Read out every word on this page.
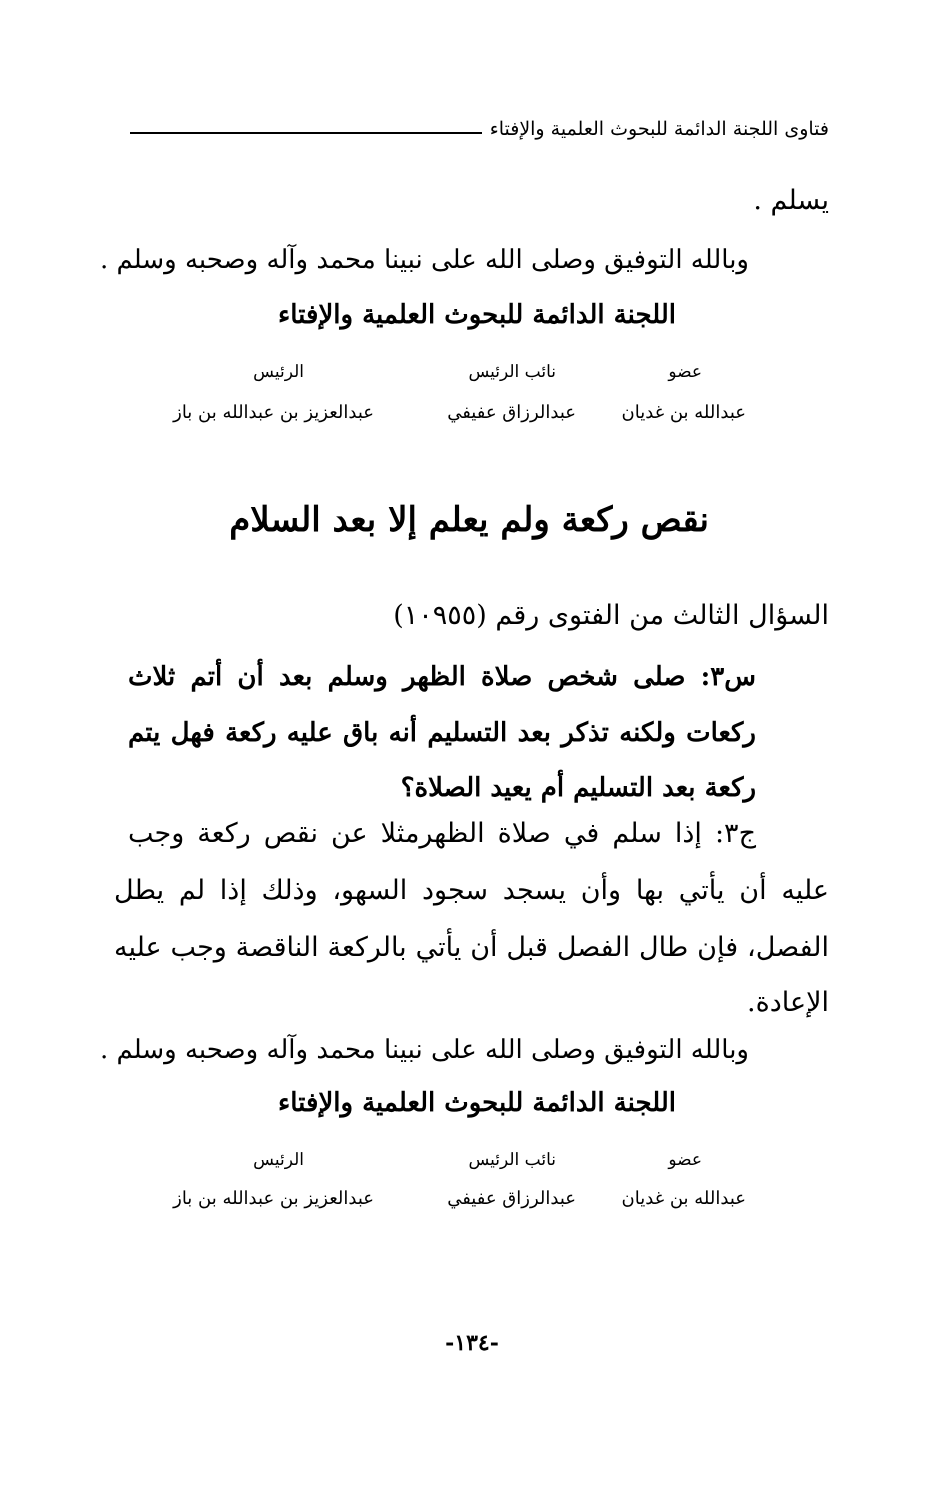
فتاوى اللجنة الدائمة للبحوث العلمية والإفتاء
يسلم .
وبالله التوفيق وصلى الله على نبينا محمد وآله وصحبه وسلم .
اللجنة الدائمة للبحوث العلمية والإفتاء
عضو
نائب الرئيس
الرئيس
عبدالله بن غديان
عبدالرزاق عفيفي
عبدالعزيز بن عبدالله بن باز
نقص ركعة ولم يعلم إلا بعد السلام
السؤال الثالث من الفتوى رقم (١٠٩٥٥)
س٣: صلى شخص صلاة الظهر وسلم بعد أن أتم ثلاث
ركعات ولكنه تذكر بعد التسليم أنه باق عليه ركعة فهل يتم
ركعة بعد التسليم أم يعيد الصلاة؟
ج٣: إذا سلم في صلاة الظهرمثلا عن نقص ركعة وجب
عليه أن يأتي بها وأن يسجد سجود السهو، وذلك إذا لم يطل
الفصل، فإن طال الفصل قبل أن يأتي بالركعة الناقصة وجب عليه
الإعادة.
وبالله التوفيق وصلى الله على نبينا محمد وآله وصحبه وسلم .
اللجنة الدائمة للبحوث العلمية والإفتاء
عضو
نائب الرئيس
الرئيس
عبدالله بن غديان
عبدالرزاق عفيفي
عبدالعزيز بن عبدالله بن باز
-١٣٤-
